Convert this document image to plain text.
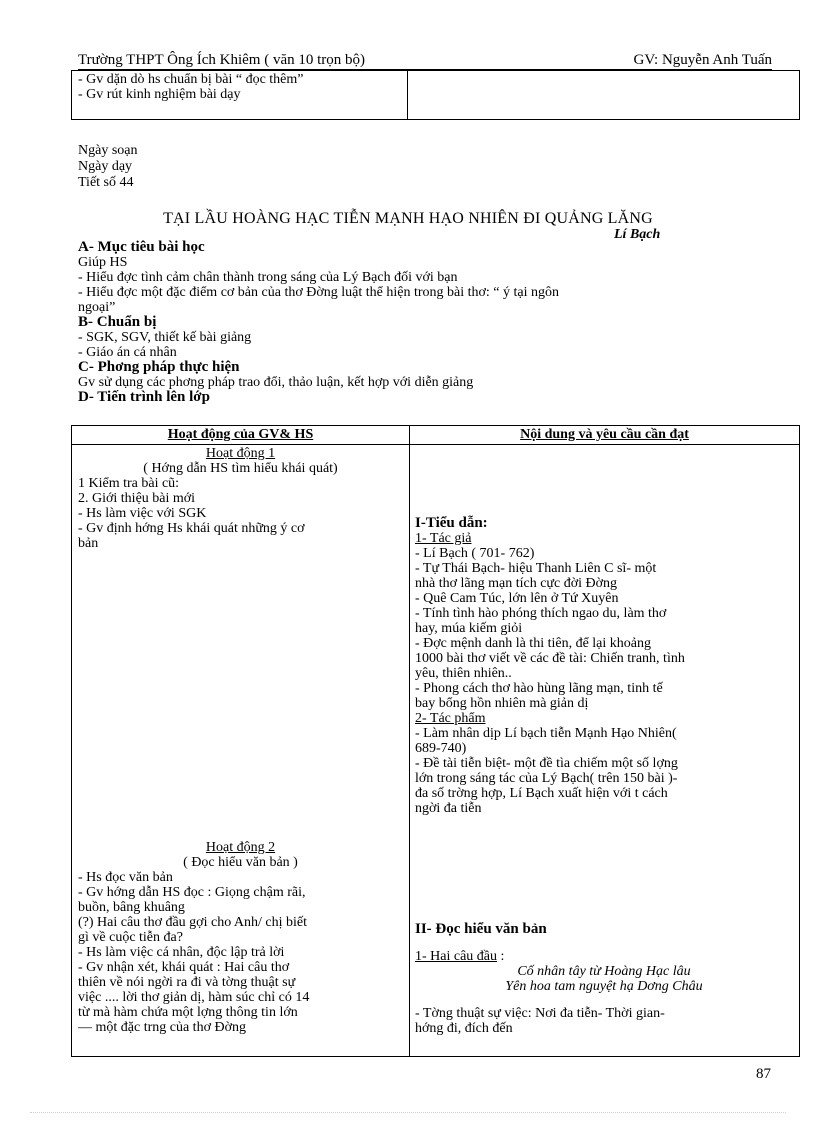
Trường THPT Ông Ích Khiêm ( văn 10 trọn bộ)	GV: Nguyễn Anh Tuấn
- Gv dặn dò hs chuẩn bị bài “ đọc thêm”
- Gv rút kinh nghiệm bài dạy
Ngày soạn
Ngày dạy
Tiết số 44
TẠI LẦU HOÀNG HẠC TIỄN MẠNH HẠO NHIÊN ĐI QUẢNG LĂNG
Lí Bạch
A- Mục tiêu bài học
Giúp HS
- Hiểu đợc tình cảm chân thành trong sáng của Lý Bạch đối với bạn
- Hiểu đợc một đặc điểm cơ bản của thơ Đờng luật thể hiện trong bài thơ: “ ý tại ngôn
ngoại”
B- Chuẩn bị
- SGK, SGV, thiết kế bài giảng
- Giáo án cá nhân
C- Phơng pháp thực hiện
Gv sử dụng các phơng pháp trao đổi, thảo luận, kết hợp với diễn giảng
D- Tiến trình lên lớp
Hoạt động của GV& HS	Nội dung và yêu cầu cần đạt
Hoạt động 1
( Hớng dẫn HS tìm hiểu khái quát)
1 Kiểm tra bài cũ:
2. Giới thiệu bài mới
- Hs làm việc với SGK
- Gv định hớng Hs khái quát những ý cơ
bản
Hoạt động 2
( Đọc hiểu văn bản )
- Hs đọc văn bản
- Gv hớng dẫn HS đọc : Giọng chậm rãi,
buồn, bâng khuâng
(?) Hai câu thơ đầu gợi cho Anh/ chị biết
gì về cuộc tiễn đa?
- Hs làm việc cá nhân, độc lập trả lời
- Gv nhận xét, khái quát : Hai câu thơ
thiên về nói ngời ra đi và tờng thuật sự
việc .... lời thơ giản dị, hàm súc chỉ có 14
từ mà hàm chứa một lợng thông tin lớn
— một đặc trng của thơ Đờng
I-Tiểu dẫn:
1- Tác giả
- Lí Bạch ( 701- 762)
- Tự Thái Bạch- hiệu Thanh Liên C sĩ- một
nhà thơ lãng mạn tích cực đời Đờng
- Quê Cam Túc, lớn lên ở Tứ Xuyên
- Tính tình hào phóng thích ngao du, làm thơ
hay, múa kiếm giỏi
- Đợc mệnh danh là thi tiên, để lại khoảng
1000 bài thơ viết về các đề tài: Chiến tranh, tình
yêu, thiên nhiên..
- Phong cách thơ hào hùng lãng mạn, tinh tế
bay bổng hồn nhiên mà giản dị
2- Tác phẩm
- Làm nhân dịp Lí bạch tiễn Mạnh Hạo Nhiên(
689-740)
- Đề tài tiễn biệt- một đề tìa chiếm một số lợng
lớn trong sáng tác của Lý Bạch( trên 150 bài )-
đa số trờng hợp, Lí Bạch xuất hiện với t cách
ngời đa tiễn
II- Đọc hiểu văn bản
1- Hai câu đầu :
Cố nhân tây từ Hoàng Hạc lâu
Yên hoa tam nguyệt hạ Dơng Châu
- Tờng thuật sự việc: Nơi đa tiễn- Thời gian-
hớng đi, đích đến
87
